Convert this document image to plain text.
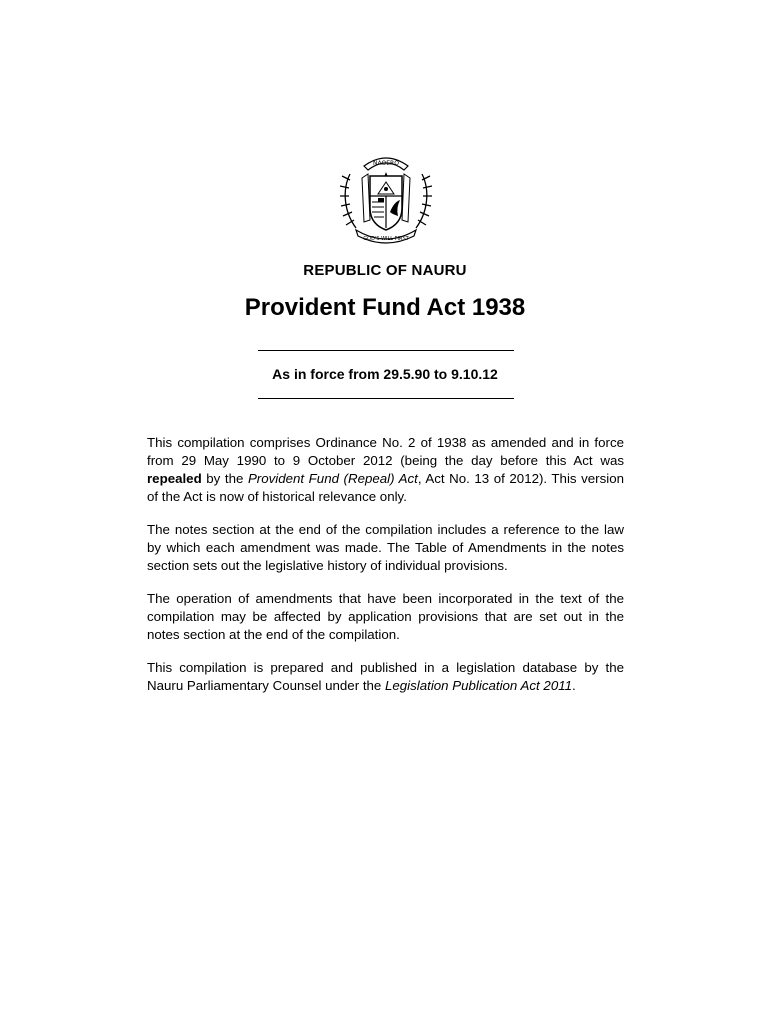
NAOERO
GOD'S WILL FIRST
REPUBLIC OF NAURU
Provident Fund Act 1938
As in force from 29.5.90 to 9.10.12

This compilation comprises Ordinance No. 2 of 1938 as amended and in force from 29 May 1990 to 9 October 2012 (being the day before this Act was repealed by the Provident Fund (Repeal) Act, Act No. 13 of 2012). This version of the Act is now of historical relevance only.

The notes section at the end of the compilation includes a reference to the law by which each amendment was made. The Table of Amendments in the notes section sets out the legislative history of individual provisions.

The operation of amendments that have been incorporated in the text of the compilation may be affected by application provisions that are set out in the notes section at the end of the compilation.

This compilation is prepared and published in a legislation database by the Nauru Parliamentary Counsel under the Legislation Publication Act 2011.
